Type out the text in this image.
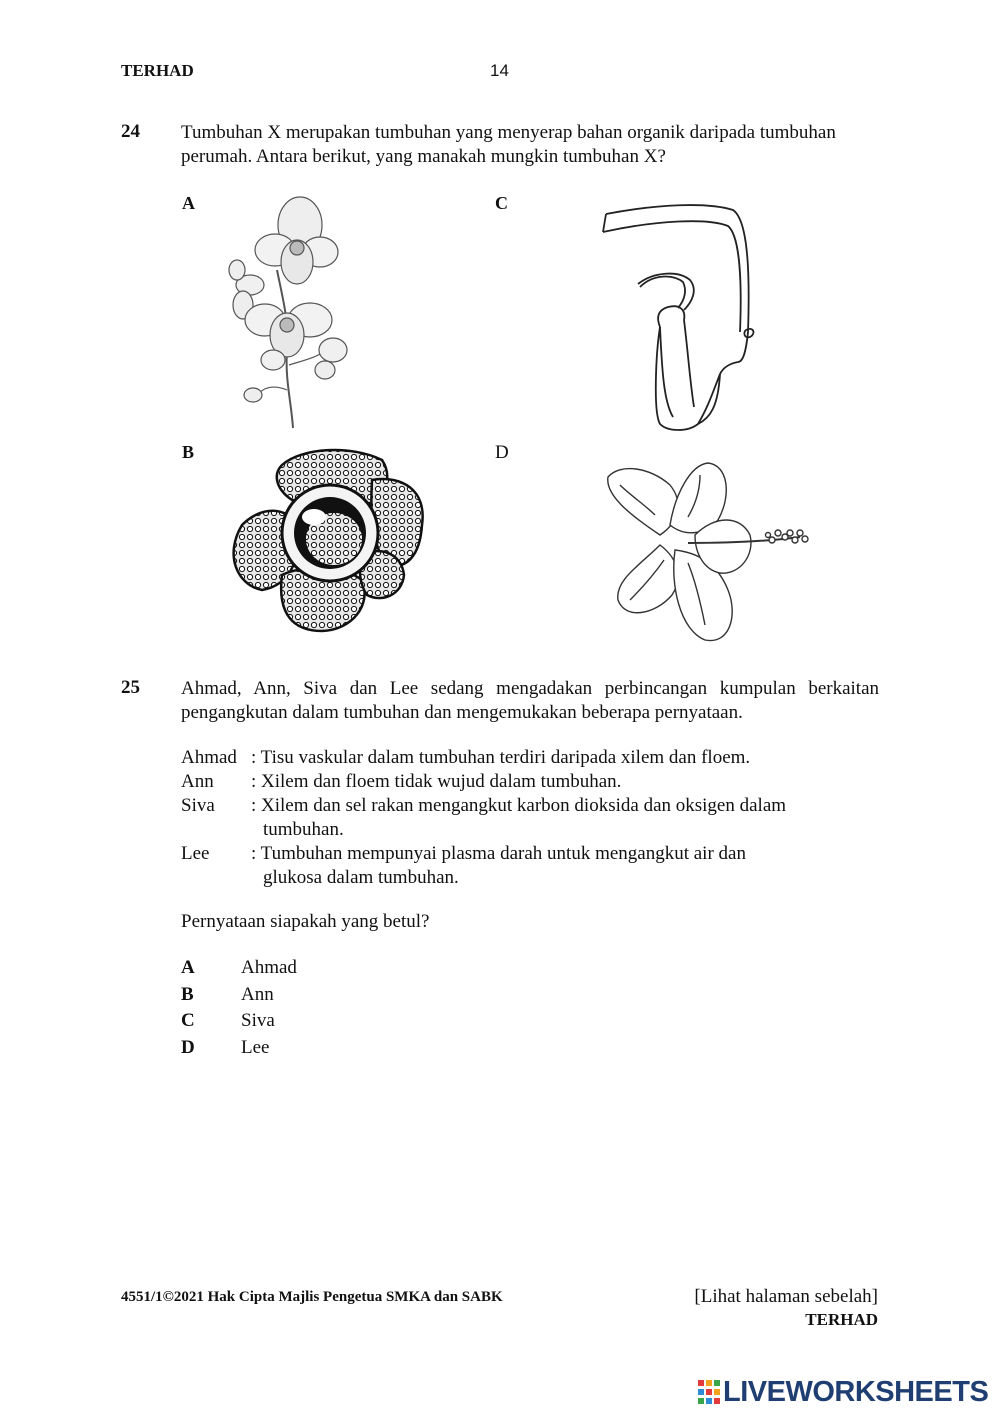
TERHAD	14
24 Tumbuhan X merupakan tumbuhan yang menyerap bahan organik daripada tumbuhan
perumah. Antara berikut, yang manakah mungkin tumbuhan X?
A	C
B	D
25 Ahmad, Ann, Siva dan Lee sedang mengadakan perbincangan kumpulan berkaitan
pengangkutan dalam tumbuhan dan mengemukakan beberapa pernyataan.
Ahmad : Tisu vaskular dalam tumbuhan terdiri daripada xilem dan floem.
Ann : Xilem dan floem tidak wujud dalam tumbuhan.
Siva : Xilem dan sel rakan mengangkut karbon dioksida dan oksigen dalam
tumbuhan.
Lee : Tumbuhan mempunyai plasma darah untuk mengangkut air dan
glukosa dalam tumbuhan.
Pernyataan siapakah yang betul?
A Ahmad
B Ann
C Siva
D Lee
4551/1©2021 Hak Cipta Majlis Pengetua SMKA dan SABK	[Lihat halaman sebelah]
TERHAD
LIVEWORKSHEETS
